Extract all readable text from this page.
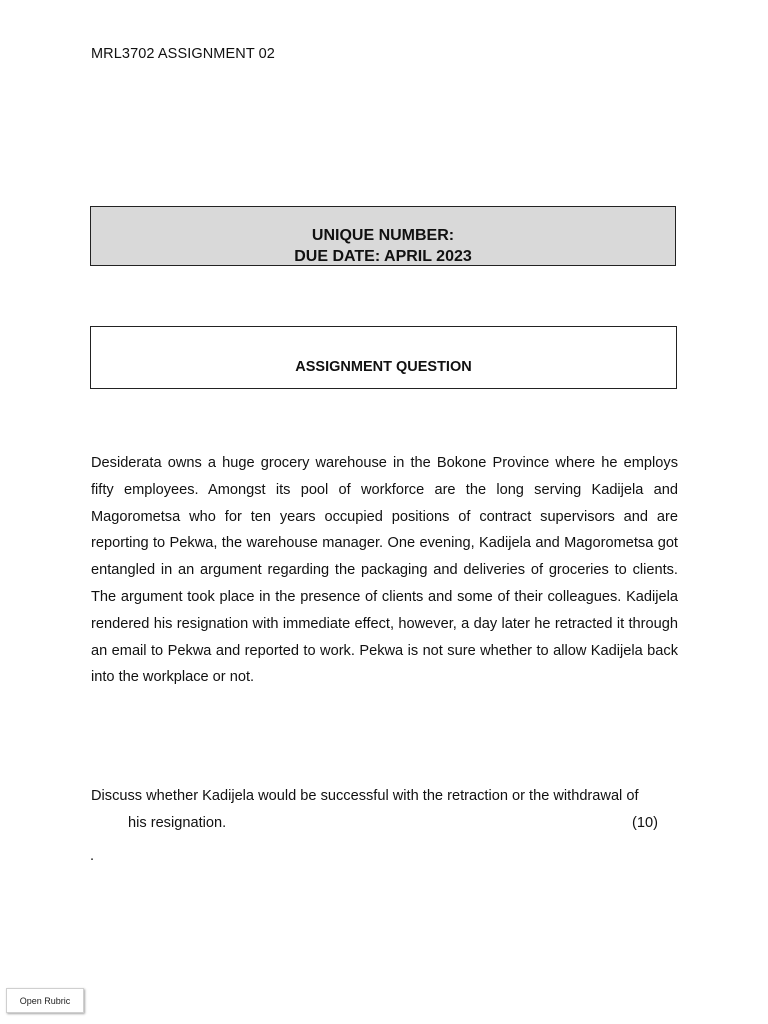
MRL3702 ASSIGNMENT 02
UNIQUE NUMBER:
DUE DATE: APRIL 2023
ASSIGNMENT QUESTION

Desiderata owns a huge grocery warehouse in the Bokone Province where he employs fifty employees. Amongst its pool of workforce are the long serving Kadijela and Magorometsa who for ten years occupied positions of contract supervisors and are reporting to Pekwa, the warehouse manager. One evening, Kadijela and Magorometsa got entangled in an argument regarding the packaging and deliveries of groceries to clients. The argument took place in the presence of clients and some of their colleagues. Kadijela rendered his resignation with immediate effect, however, a day later he retracted it through an email to Pekwa and reported to work. Pekwa is not sure whether to allow Kadijela back into the workplace or not.

Discuss whether Kadijela would be successful with the retraction or the withdrawal of
his resignation.	(10)
.
Open Rubric
